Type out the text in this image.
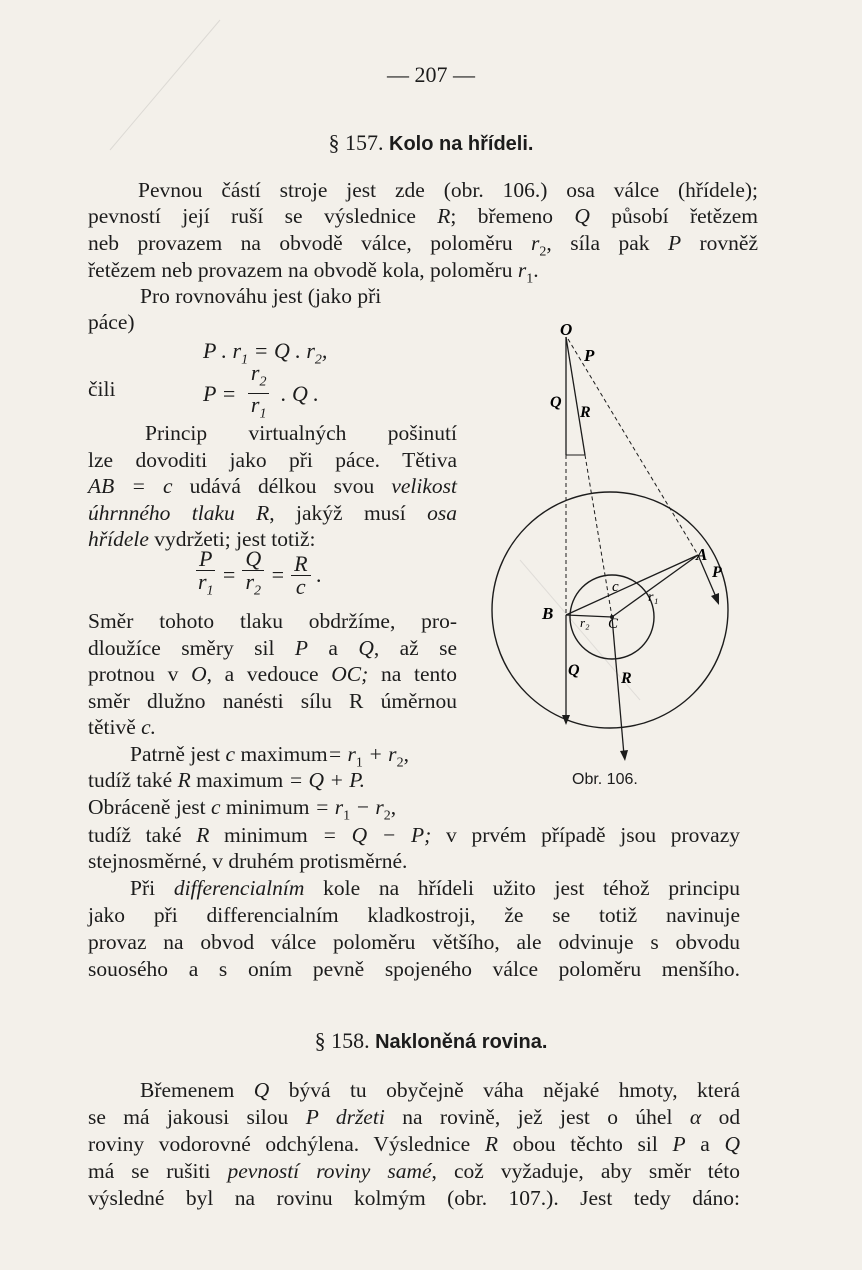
— 207 —
§ 157. Kolo na hřídeli.
Pevnou částí stroje jest zde (obr. 106.) osa válce (hřídele);
pevností její ruší se výslednice R; břemeno Q působí řetězem
neb provazem na obvodě válce, poloměru $r_2$, síla pak P rovněž
řetězem neb provazem na obvodě kola, poloměru $r_1$.
Pro rovnováhu jest (jako při
páce)
P . $r_1 = Q$ . $r_2$,
čili	$P = \frac{r_2}{r_1}$ . Q .
Princip virtualných pošinutí
lze dovoditi jako při páce. Tětiva
AB = c udává délkou svou velikost
úhrnného tlaku R, jakýž musí osa
hřídele vydržeti; jest totiž:
$\frac{P}{r_1} = \frac{Q}{r_2} = \frac{R}{c}$ .
Směr tohoto tlaku obdržíme, pro-
dloužíce směry sil P a Q, až se
protnou v O, a vedouce OC; na tento
směr dlužno nanésti sílu R úměrnou
tětivě c.
Patrně jest c maximum= $r_1 + r_2$,
tudíž také R maximum = Q + P.
Obráceně jest c minimum = $r_1 - r_2$,
tudíž také R minimum = Q − P; v prvém případě jsou provazy
stejnosměrné, v druhém protisměrné.
Při differencialním kole na hřídeli užito jest téhož principu
jako při differencialním kladkostroji, že se totiž navinuje
provaz na obvod válce poloměru většího, ale odvinuje s obvodu
souosého a s oním pevně spojeného válce poloměru menšího.
§ 158. Nakloněná rovina.
Břemenem Q bývá tu obyčejně váha nějaké hmoty, která
se má jakousi silou P držeti na rovině, jež jest o úhel α od
roviny vodorovné odchýlena. Výslednice R obou těchto sil P a Q
má se rušiti pevností roviny samé, což vyžaduje, aby směr této
výsledné byl na rovinu kolmým (obr. 107.). Jest tedy dáno:
O
P
Q
R
A
P
B
c
r₁
r₂ C
Q	R
Obr. 106.
